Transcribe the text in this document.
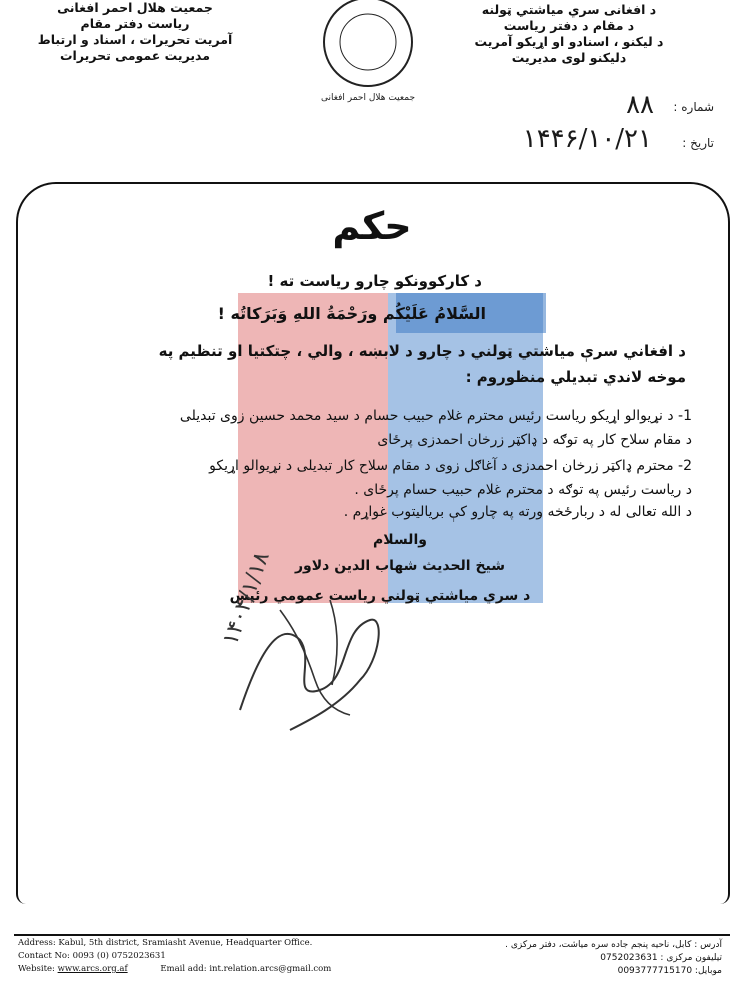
جمعیت هلال احمر افغانی
ریاست دفتر مقام
آمریت تحریرات ، اسناد و ارتباط
مدیریت عمومی تحریرات
جمعیت هلال احمر افغانی
د افغانی سري میاشتي ټولنه
د مقام د دفتر ریاست
د لیکنو ، اسنادو او اړیکو آمریت
دلیکنو لوی مدیریت
شماره :
۸۸
تاریخ :
۱۴۴۶/۱۰/۲۱
حکم
د کارکوونکو چارو ریاست ته !
السَّلامُ عَلَیْکُم ورَحْمَةُ اللهِ وَبَرَکاتُه !
د افغاني سرې میاشتي ټولني د چارو د لابښه ، والي ، چتکتیا او تنظیم په
موخه لاندي تبدیلي منظوروم :
1- د نړیوالو اړیکو ریاست رئیس محترم غلام حبیب حسام د سید محمد حسین زوی تبدیلی
د مقام سلاح کار په توګه د ډاکټر زرخان احمدزی پرځای
2- محترم ډاکټر زرخان احمدزی د آغاګل زوی د مقام سلاح کار تبدیلی د نړیوالو اړیکو
د ریاست رئیس په توګه د محترم غلام حبیب حسام پرځای .
د الله تعالی له د ربارځخه ورته په چارو کې بریالیتوب غواړم .
والسلام
شیخ الحدیث شهاب الدین دلاور
د سري میاشتي ټولني ریاست عمومي رئیس
۱۴۰۴/۱/۱۸
Address: Kabul, 5th district, Sramiasht Avenue, Headquarter Office.
Contact No: 0093 (0) 0752023631
Website: www.arcs.org.af	Email add: int.relation.arcs@gmail.com
آدرس : کابل، ناحیه پنجم جاده سره میاشت، دفتر مرکزی .
تیلیفون مرکزی : 0752023631
موبایل: 0093777715170
